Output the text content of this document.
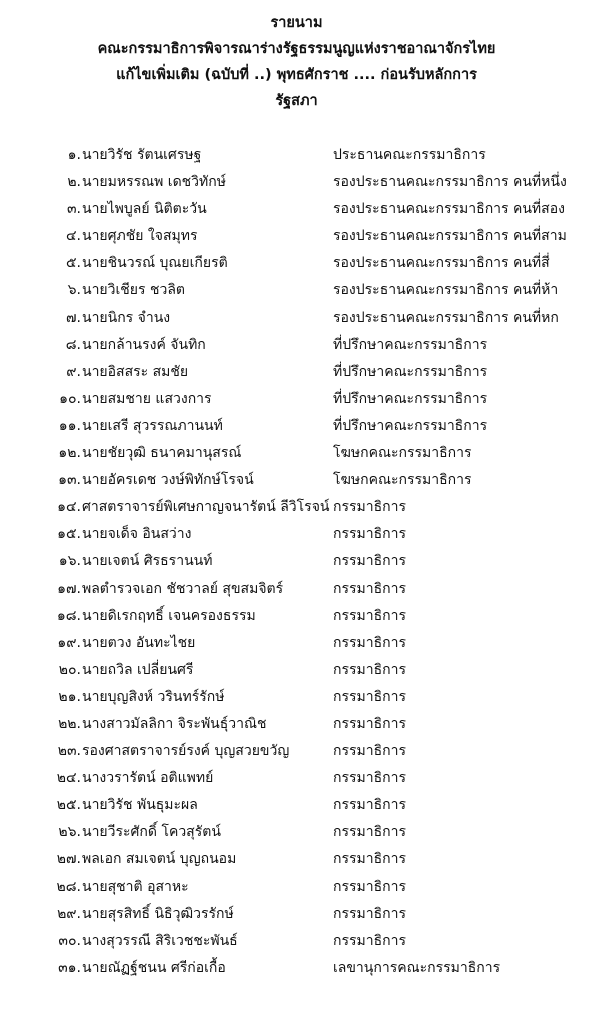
รายนาม
คณะกรรมาธิการพิจารณาร่างรัฐธรรมนูญแห่งราชอาณาจักรไทย
แก้ไขเพิ่มเติม (ฉบับที่ ..) พุทธศักราช .... ก่อนรับหลักการ
รัฐสภา
๑. นายวิรัช รัตนเศรษฐ	ประธานคณะกรรมาธิการ
๒. นายมหรรณพ เดชวิทักษ์	รองประธานคณะกรรมาธิการ คนที่หนึ่ง
๓. นายไพบูลย์ นิติตะวัน	รองประธานคณะกรรมาธิการ คนที่สอง
๔. นายศุภชัย ใจสมุทร	รองประธานคณะกรรมาธิการ คนที่สาม
๕. นายชินวรณ์ บุณยเกียรติ	รองประธานคณะกรรมาธิการ คนที่สี่
๖. นายวิเชียร ชวลิต	รองประธานคณะกรรมาธิการ คนที่ห้า
๗. นายนิกร จำนง	รองประธานคณะกรรมาธิการ คนที่หก
๘. นายกล้านรงค์ จันทิก	ที่ปรึกษาคณะกรรมาธิการ
๙. นายอิสสระ สมชัย	ที่ปรึกษาคณะกรรมาธิการ
๑๐. นายสมชาย แสวงการ	ที่ปรึกษาคณะกรรมาธิการ
๑๑. นายเสรี สุวรรณภานนท์	ที่ปรึกษาคณะกรรมาธิการ
๑๒. นายชัยวุฒิ ธนาคมานุสรณ์	โฆษกคณะกรรมาธิการ
๑๓. นายอัครเดช วงษ์พิทักษ์โรจน์	โฆษกคณะกรรมาธิการ
๑๔. ศาสตราจารย์พิเศษกาญจนารัตน์ ลีวิโรจน์ กรรมาธิการ
๑๕. นายจเด็จ อินสว่าง	กรรมาธิการ
๑๖. นายเจตน์ ศิรธรานนท์	กรรมาธิการ
๑๗. พลตำรวจเอก ชัชวาลย์ สุขสมจิตร์	กรรมาธิการ
๑๘. นายดิเรกฤทธิ์ เจนครองธรรม	กรรมาธิการ
๑๙. นายตวง อันทะไชย	กรรมาธิการ
๒๐. นายถวิล เปลี่ยนศรี	กรรมาธิการ
๒๑. นายบุญสิงห์ วรินทร์รักษ์	กรรมาธิการ
๒๒. นางสาวมัลลิกา จิระพันธุ์วาณิช	กรรมาธิการ
๒๓. รองศาสตราจารย์รงค์ บุญสวยขวัญ	กรรมาธิการ
๒๔. นางวรารัตน์ อติแพทย์	กรรมาธิการ
๒๕. นายวิรัช พันธุมะผล	กรรมาธิการ
๒๖. นายวีระศักดิ์ โควสุรัตน์	กรรมาธิการ
๒๗. พลเอก สมเจตน์ บุญถนอม	กรรมาธิการ
๒๘. นายสุชาติ อุสาหะ	กรรมาธิการ
๒๙. นายสุรสิทธิ์ นิธิวุฒิวรรักษ์	กรรมาธิการ
๓๐. นางสุวรรณี สิริเวชชะพันธ์	กรรมาธิการ
๓๑. นายณัฏฐ์ชนน ศรีก่อเกื้อ	เลขานุการคณะกรรมาธิการ
